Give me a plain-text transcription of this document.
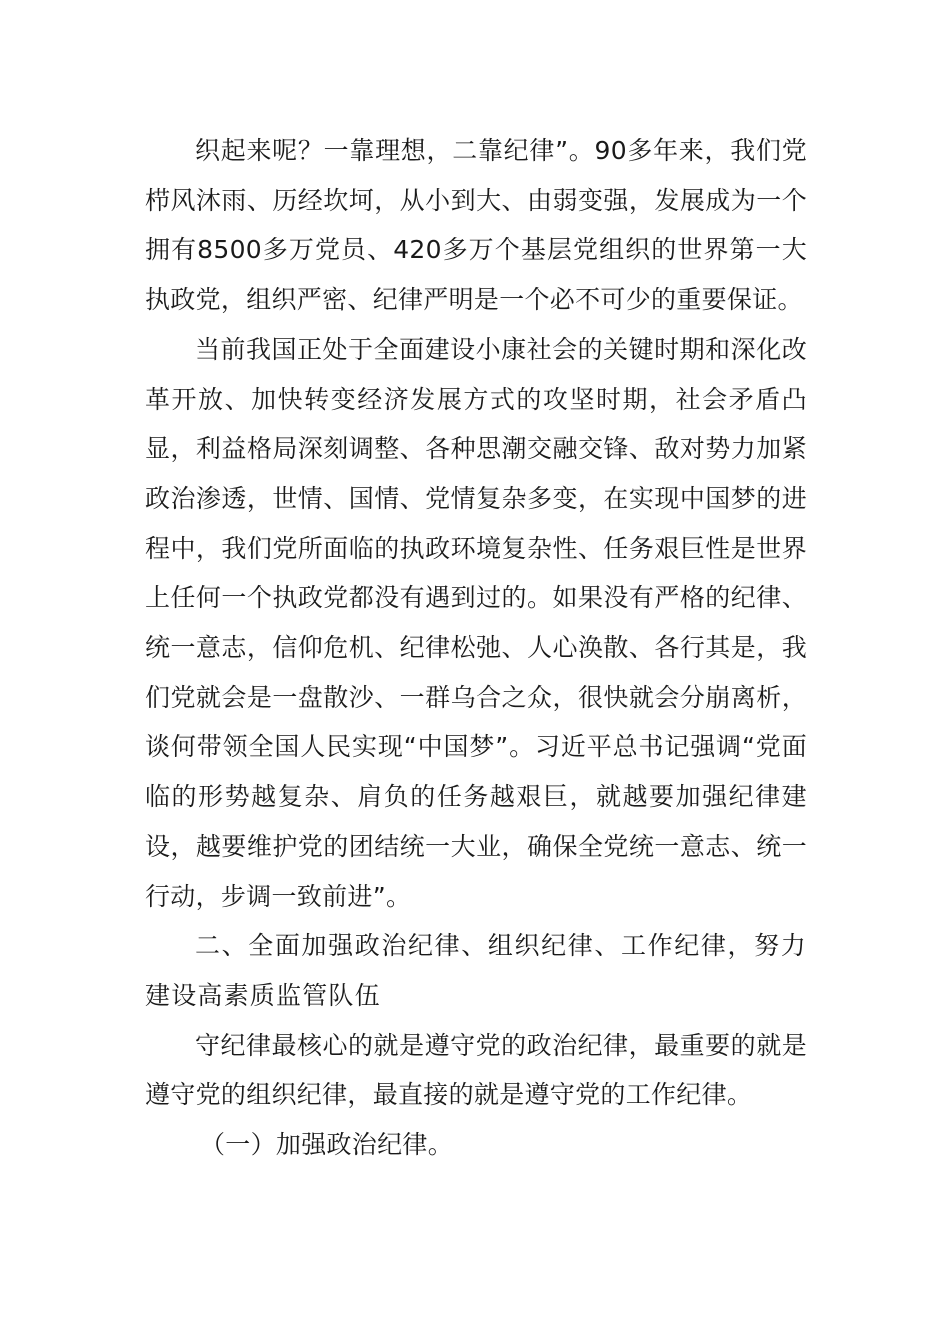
织起来呢？一靠理想，二靠纪律”。90多年来，我们党栉风沐雨、历经坎坷，从小到大、由弱变强，发展成为一个拥有8500多万党员、420多万个基层党组织的世界第一大执政党，组织严密、纪律严明是一个必不可少的重要保证。

当前我国正处于全面建设小康社会的关键时期和深化改革开放、加快转变经济发展方式的攻坚时期，社会矛盾凸显，利益格局深刻调整、各种思潮交融交锋、敌对势力加紧政治渗透，世情、国情、党情复杂多变，在实现中国梦的进程中，我们党所面临的执政环境复杂性、任务艰巨性是世界上任何一个执政党都没有遇到过的。如果没有严格的纪律、统一意志，信仰危机、纪律松弛、人心涣散、各行其是，我们党就会是一盘散沙、一群乌合之众，很快就会分崩离析，谈何带领全国人民实现“中国梦”。习近平总书记强调“党面临的形势越复杂、肩负的任务越艰巨，就越要加强纪律建设，越要维护党的团结统一大业，确保全党统一意志、统一行动，步调一致前进”。

二、全面加强政治纪律、组织纪律、工作纪律，努力建设高素质监管队伍

守纪律最核心的就是遵守党的政治纪律，最重要的就是遵守党的组织纪律，最直接的就是遵守党的工作纪律。

（一）加强政治纪律。
